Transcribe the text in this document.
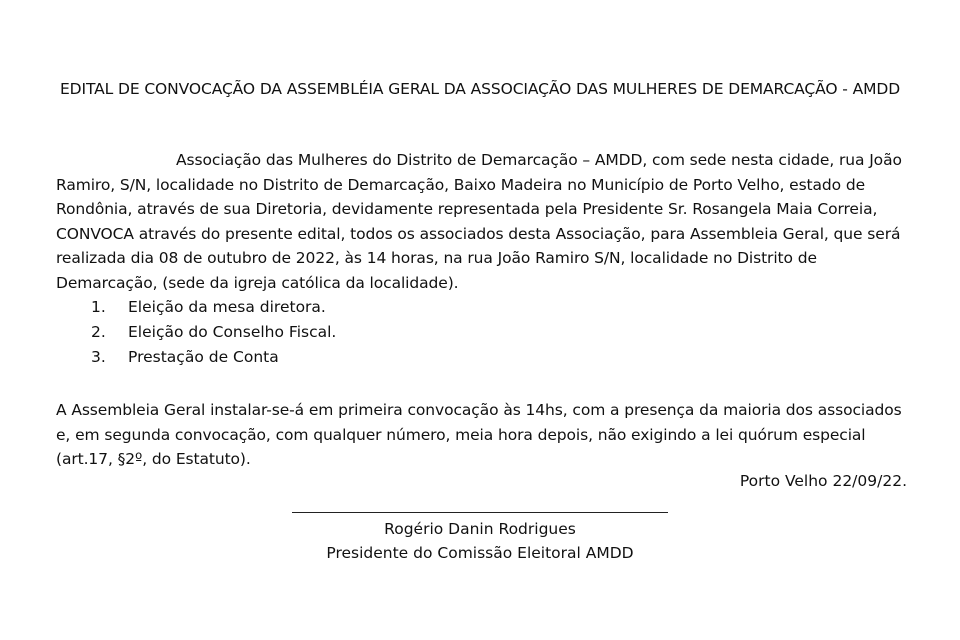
EDITAL DE CONVOCAÇÃO DA ASSEMBLÉIA GERAL DA ASSOCIAÇÃO DAS MULHERES DE DEMARCAÇÃO - AMDD
Associação das Mulheres do Distrito de Demarcação – AMDD, com sede nesta cidade, rua João Ramiro, S/N, localidade no Distrito de Demarcação, Baixo Madeira no Município de Porto Velho, estado de Rondônia, através de sua Diretoria, devidamente representada pela Presidente Sr. Rosangela Maia Correia, CONVOCA através do presente edital, todos os associados desta Associação, para Assembleia Geral, que será realizada dia 08 de outubro de 2022, às 14 horas, na rua João Ramiro S/N, localidade no Distrito de Demarcação, (sede da igreja católica da localidade).
1. Eleição da mesa diretora.
2. Eleição do Conselho Fiscal.
3. Prestação de Conta
A Assembleia Geral instalar-se-á em primeira convocação às 14hs, com a presença da maioria dos associados e, em segunda convocação, com qualquer número, meia hora depois, não exigindo a lei quórum especial (art.17, §2º, do Estatuto).
Porto Velho 22/09/22.
Rogério Danin Rodrigues
Presidente do Comissão Eleitoral AMDD
